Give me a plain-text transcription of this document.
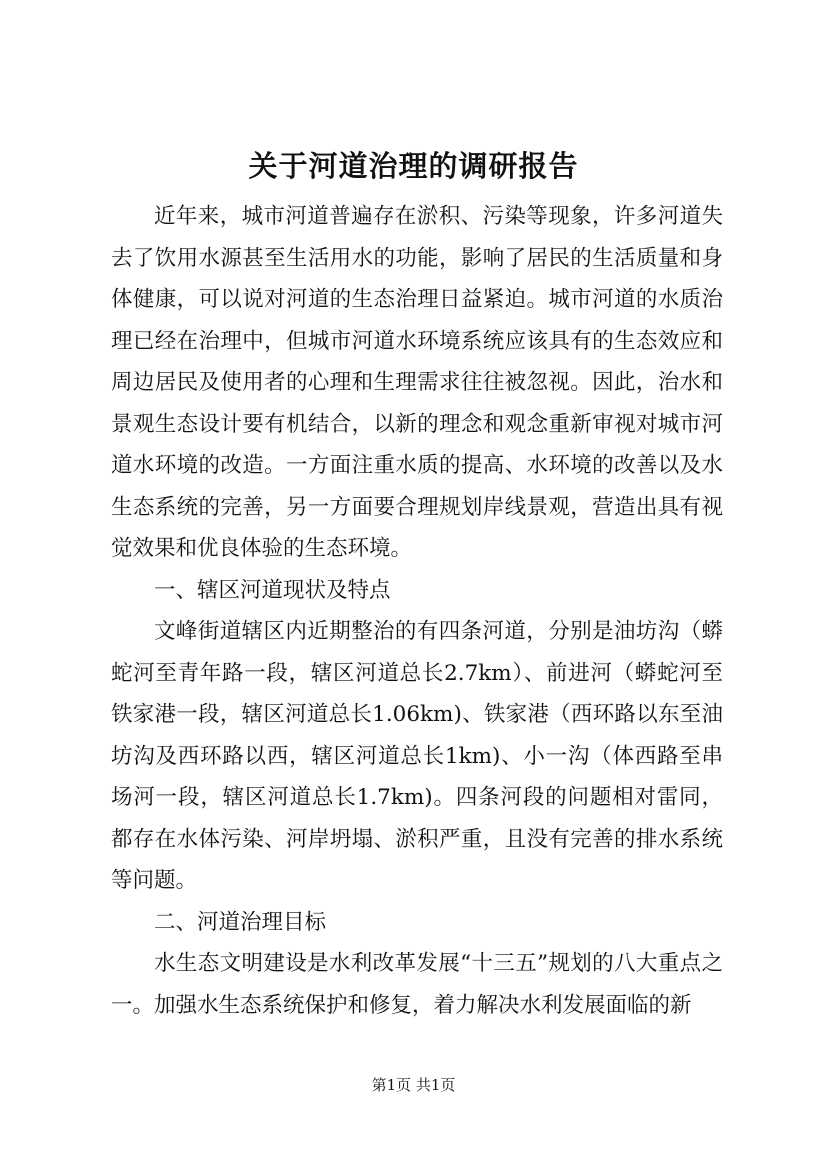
关于河道治理的调研报告

近年来，城市河道普遍存在淤积、污染等现象，许多河道失去了饮用水源甚至生活用水的功能，影响了居民的生活质量和身体健康，可以说对河道的生态治理日益紧迫。城市河道的水质治理已经在治理中，但城市河道水环境系统应该具有的生态效应和周边居民及使用者的心理和生理需求往往被忽视。因此，治水和景观生态设计要有机结合，以新的理念和观念重新审视对城市河道水环境的改造。一方面注重水质的提高、水环境的改善以及水生态系统的完善，另一方面要合理规划岸线景观，营造出具有视觉效果和优良体验的生态环境。

一、辖区河道现状及特点

文峰街道辖区内近期整治的有四条河道，分别是油坊沟（蟒蛇河至青年路一段，辖区河道总长2.7km）、前进河（蟒蛇河至铁家港一段，辖区河道总长1.06km)、铁家港（西环路以东至油坊沟及西环路以西，辖区河道总长1km)、小一沟（体西路至串场河一段，辖区河道总长1.7km)。四条河段的问题相对雷同，都存在水体污染、河岸坍塌、淤积严重，且没有完善的排水系统等问题。

二、河道治理目标

水生态文明建设是水利改革发展“十三五”规划的八大重点之一。加强水生态系统保护和修复，着力解决水利发展面临的新

第1页 共1页
